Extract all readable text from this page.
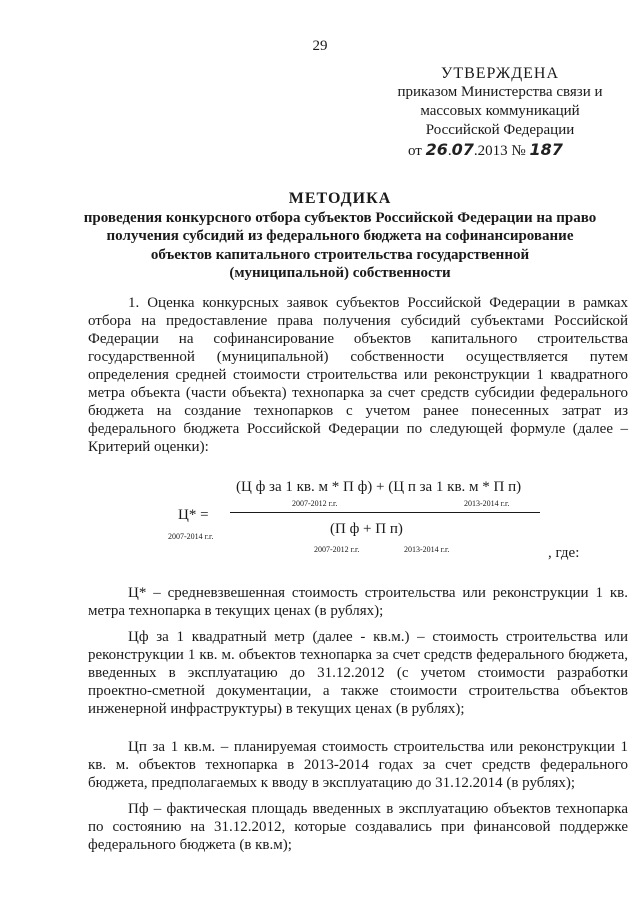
29
УТВЕРЖДЕНА
приказом Министерства связи и
массовых коммуникаций
Российской Федерации
от 26.07.2013 № 187
МЕТОДИКА
проведения конкурсного отбора субъектов Российской Федерации на право
получения субсидий из федерального бюджета на софинансирование
объектов капитального строительства государственной
(муниципальной) собственности
1. Оценка конкурсных заявок субъектов Российской Федерации в рамках отбора на предоставление права получения субсидий субъектами Российской Федерации на софинансирование объектов капитального строительства государственной (муниципальной) собственности осуществляется путем определения средней стоимости строительства или реконструкции 1 квадратного метра объекта (части объекта) технопарка за счет средств субсидии федерального бюджета на создание технопарков с учетом ранее понесенных затрат из федерального бюджета Российской Федерации по следующей формуле (далее – Критерий оценки):
(Ц ф за 1 кв. м * П ф) + (Ц п за 1 кв. м * П п)
2007-2012 г.г.	2013-2014 г.г.
Ц* =
2007-2014 г.г.	(П ф + П п)
2007-2012 г.г.	2013-2014 г.г.	, где:
Ц* – средневзвешенная стоимость строительства или реконструкции 1 кв. метра технопарка в текущих ценах (в рублях);
Цф за 1 квадратный метр (далее - кв.м.) – стоимость строительства или реконструкции 1 кв. м. объектов технопарка за счет средств федерального бюджета, введенных в эксплуатацию до 31.12.2012 (с учетом стоимости разработки проектно-сметной документации, а также стоимости строительства объектов инженерной инфраструктуры) в текущих ценах (в рублях);
Цп за 1 кв.м. – планируемая стоимость строительства или реконструкции 1 кв. м. объектов технопарка в 2013-2014 годах за счет средств федерального бюджета, предполагаемых к вводу в эксплуатацию до 31.12.2014 (в рублях);
Пф – фактическая площадь введенных в эксплуатацию объектов технопарка по состоянию на 31.12.2012, которые создавались при финансовой поддержке федерального бюджета (в кв.м);
